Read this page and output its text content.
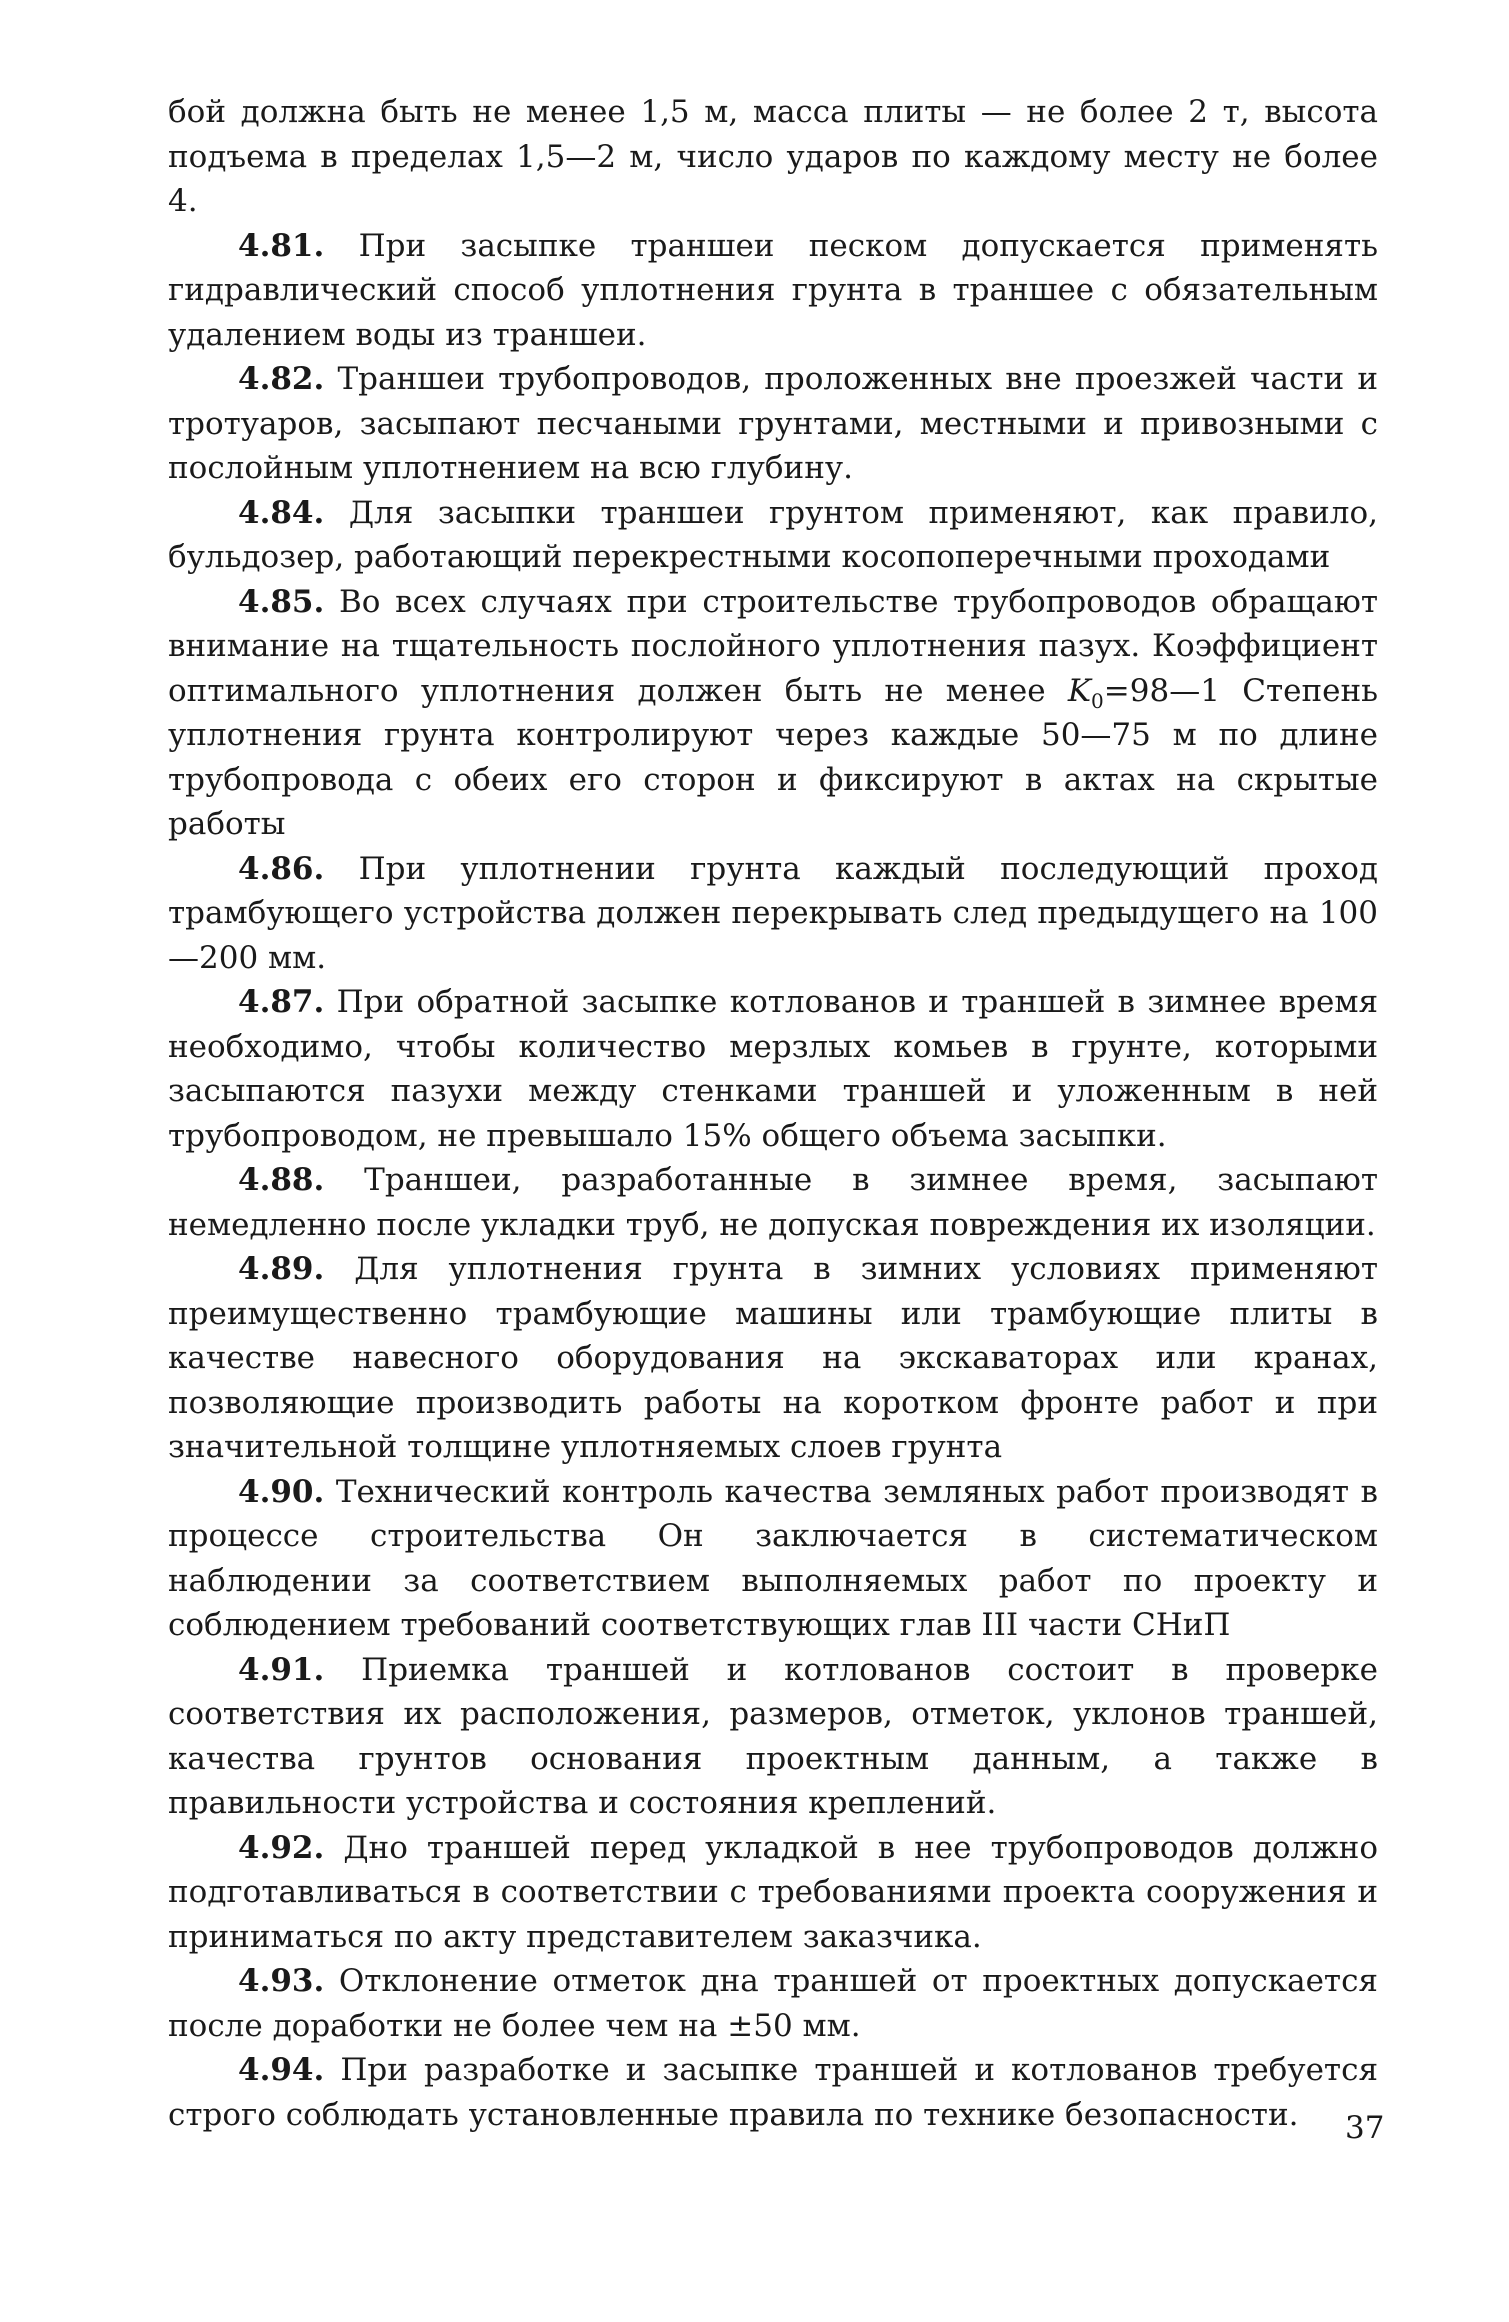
бой должна быть не менее 1,5 м, масса плиты — не более 2 т, высота подъема в пределах 1,5—2 м, число ударов по каждому месту не более 4.

4.81. При засыпке траншеи песком допускается применять гидравлический способ уплотнения грунта в траншее с обязательным удалением воды из траншеи.

4.82. Траншеи трубопроводов, проложенных вне проезжей части и тротуаров, засыпают песчаными грунтами, местными и привозными с послойным уплотнением на всю глубину.

4.84. Для засыпки траншеи грунтом применяют, как правило, бульдозер, работающий перекрестными косопоперечными проходами

4.85. Во всех случаях при строительстве трубопроводов обращают внимание на тщательность послойного уплотнения пазух. Коэффициент оптимального уплотнения должен быть не менее $K_0=98—1$ Степень уплотнения грунта контролируют через каждые 50—75 м по длине трубопровода с обеих его сторон и фиксируют в актах на скрытые работы

4.86. При уплотнении грунта каждый последующий проход трамбующего устройства должен перекрывать след предыдущего на 100—200 мм.

4.87. При обратной засыпке котлованов и траншей в зимнее время необходимо, чтобы количество мерзлых комьев в грунте, которыми засыпаются пазухи между стенками траншей и уложенным в ней трубопроводом, не превышало 15% общего объема засыпки.

4.88. Траншеи, разработанные в зимнее время, засыпают немедленно после укладки труб, не допуская повреждения их изоляции.

4.89. Для уплотнения грунта в зимних условиях применяют преимущественно трамбующие машины или трамбующие плиты в качестве навесного оборудования на экскаваторах или кранах, позволяющие производить работы на коротком фронте работ и при значительной толщине уплотняемых слоев грунта

4.90. Технический контроль качества земляных работ производят в процессе строительства Он заключается в систематическом наблюдении за соответствием выполняемых работ по проекту и соблюдением требований соответствующих глав III части СНиП

4.91. Приемка траншей и котлованов состоит в проверке соответствия их расположения, размеров, отметок, уклонов траншей, качества грунтов основания проектным данным, а также в правильности устройства и состояния креплений.

4.92. Дно траншей перед укладкой в нее трубопроводов должно подготавливаться в соответствии с требованиями проекта сооружения и приниматься по акту представителем заказчика.

4.93. Отклонение отметок дна траншей от проектных допускается после доработки не более чем на ±50 мм.

4.94. При разработке и засыпке траншей и котлованов требуется строго соблюдать установленные правила по технике безопасности.	37
